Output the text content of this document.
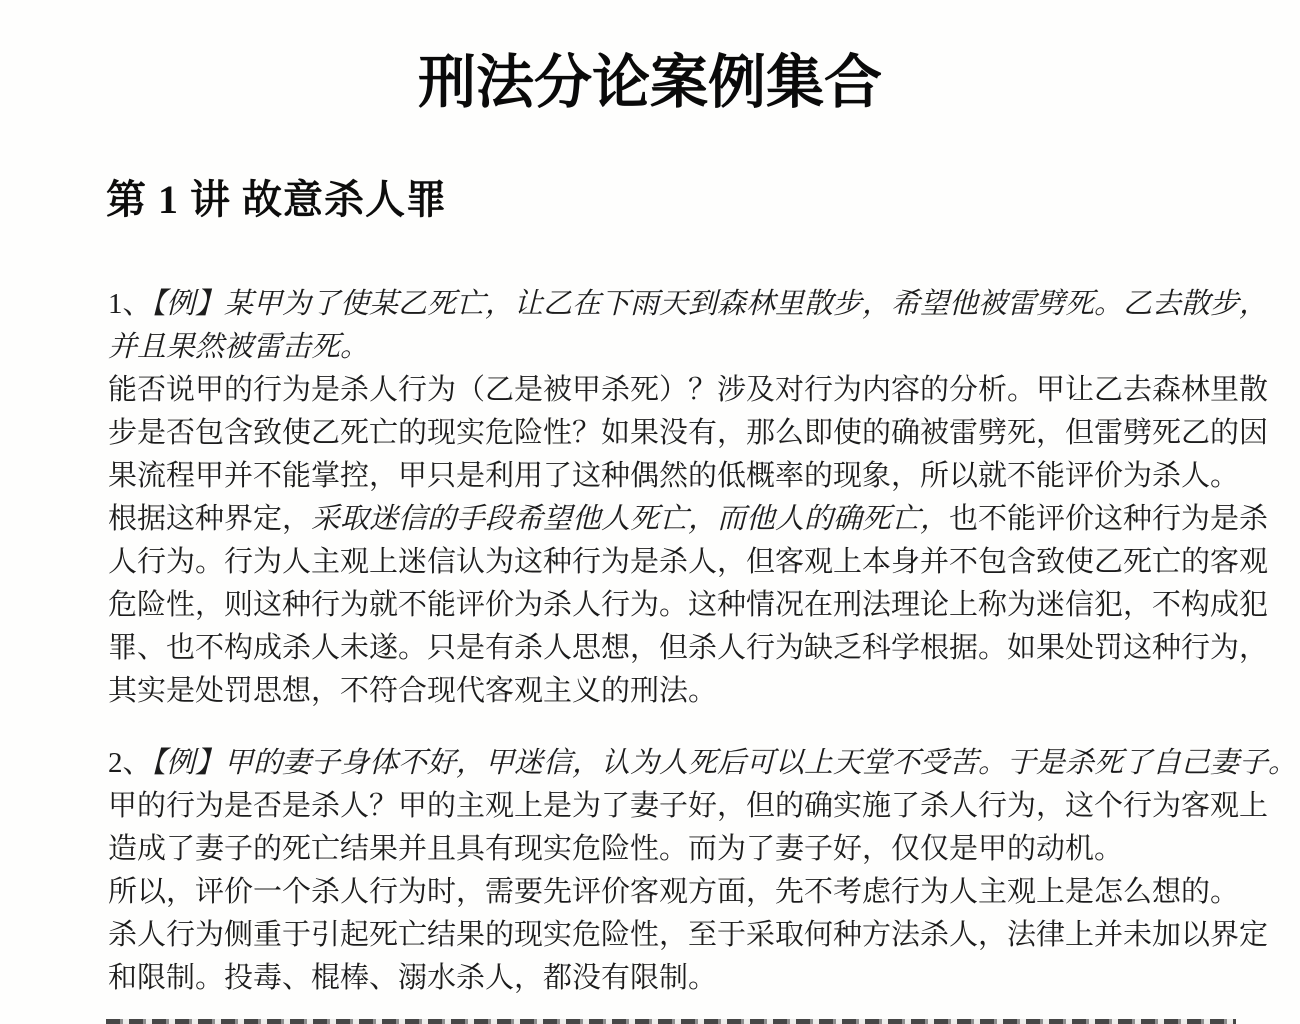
刑法分论案例集合
第 1 讲 故意杀人罪
1、【例】某甲为了使某乙死亡，让乙在下雨天到森林里散步，希望他被雷劈死。乙去散步，
并且果然被雷击死。
能否说甲的行为是杀人行为（乙是被甲杀死）？涉及对行为内容的分析。甲让乙去森林里散
步是否包含致使乙死亡的现实危险性？如果没有，那么即使的确被雷劈死，但雷劈死乙的因
果流程甲并不能掌控，甲只是利用了这种偶然的低概率的现象，所以就不能评价为杀人。
根据这种界定，采取迷信的手段希望他人死亡，而他人的确死亡，也不能评价这种行为是杀
人行为。行为人主观上迷信认为这种行为是杀人，但客观上本身并不包含致使乙死亡的客观
危险性，则这种行为就不能评价为杀人行为。这种情况在刑法理论上称为迷信犯，不构成犯
罪、也不构成杀人未遂。只是有杀人思想，但杀人行为缺乏科学根据。如果处罚这种行为，
其实是处罚思想，不符合现代客观主义的刑法。
2、【例】甲的妻子身体不好，甲迷信，认为人死后可以上天堂不受苦。于是杀死了自己妻子。
甲的行为是否是杀人？甲的主观上是为了妻子好，但的确实施了杀人行为，这个行为客观上
造成了妻子的死亡结果并且具有现实危险性。而为了妻子好，仅仅是甲的动机。
所以，评价一个杀人行为时，需要先评价客观方面，先不考虑行为人主观上是怎么想的。
杀人行为侧重于引起死亡结果的现实危险性，至于采取何种方法杀人，法律上并未加以界定
和限制。投毒、棍棒、溺水杀人，都没有限制。
